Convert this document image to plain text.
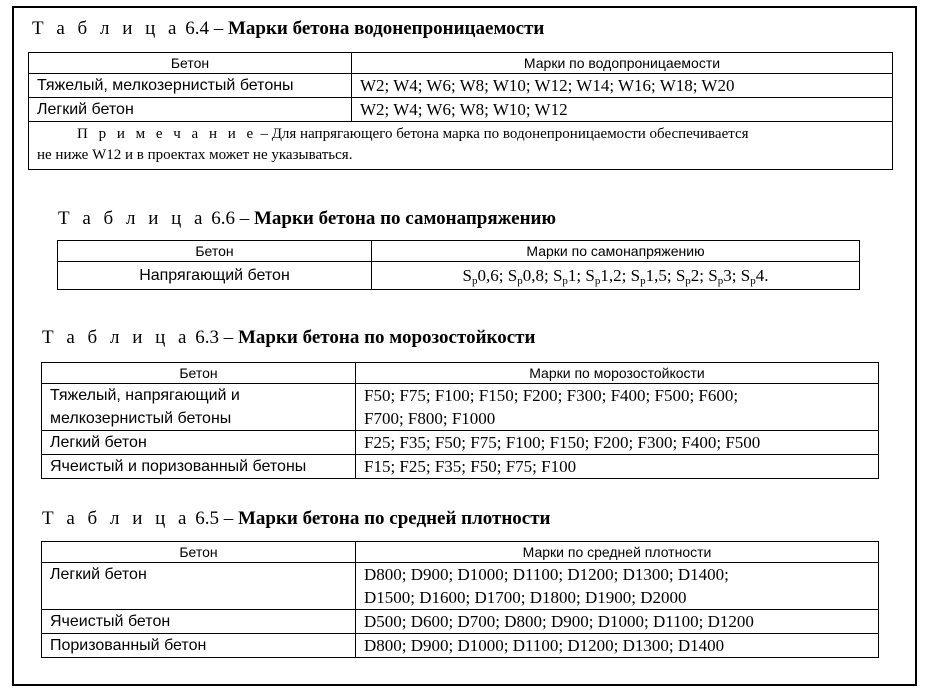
Т а б л и ц а 6.4 – Марки бетона водонепроницаемости
Бетон	Марки по водопроницаемости
Тяжелый, мелкозернистый бетоны	W2; W4; W6; W8; W10; W12; W14; W16; W18; W20
Легкий бетон	W2; W4; W6; W8; W10; W12
П р и м е ч а н и е – Для напрягающего бетона марка по водонепроницаемости обеспечивается
не ниже W12 и в проектах может не указываться.	
Т а б л и ц а 6.6 – Марки бетона по самонапряжению
Бетон	Марки по самонапряжению
Напрягающий бетон	$S_p0,6$; $S_p0,8$; $S_p1$; $S_p1,2$; $S_p1,5$; $S_p2$; $S_p3$; $S_p4$.
Т а б л и ц а 6.3 – Марки бетона по морозостойкости
Бетон	Марки по морозостойкости
Тяжелый, напрягающий и
мелкозернистый бетоны	F50; F75; F100; F150; F200; F300; F400; F500; F600;
F700; F800; F1000
Легкий бетон	F25; F35; F50; F75; F100; F150; F200; F300; F400; F500
Ячеистый и поризованный бетоны	F15; F25; F35; F50; F75; F100
Т а б л и ц а 6.5 – Марки бетона по средней плотности
Бетон	Марки по средней плотности
Легкий бетон	D800; D900; D1000; D1100; D1200; D1300; D1400;
D1500; D1600; D1700; D1800; D1900; D2000
Ячеистый бетон	D500; D600; D700; D800; D900; D1000; D1100; D1200
Поризованный бетон	D800; D900; D1000; D1100; D1200; D1300; D1400
